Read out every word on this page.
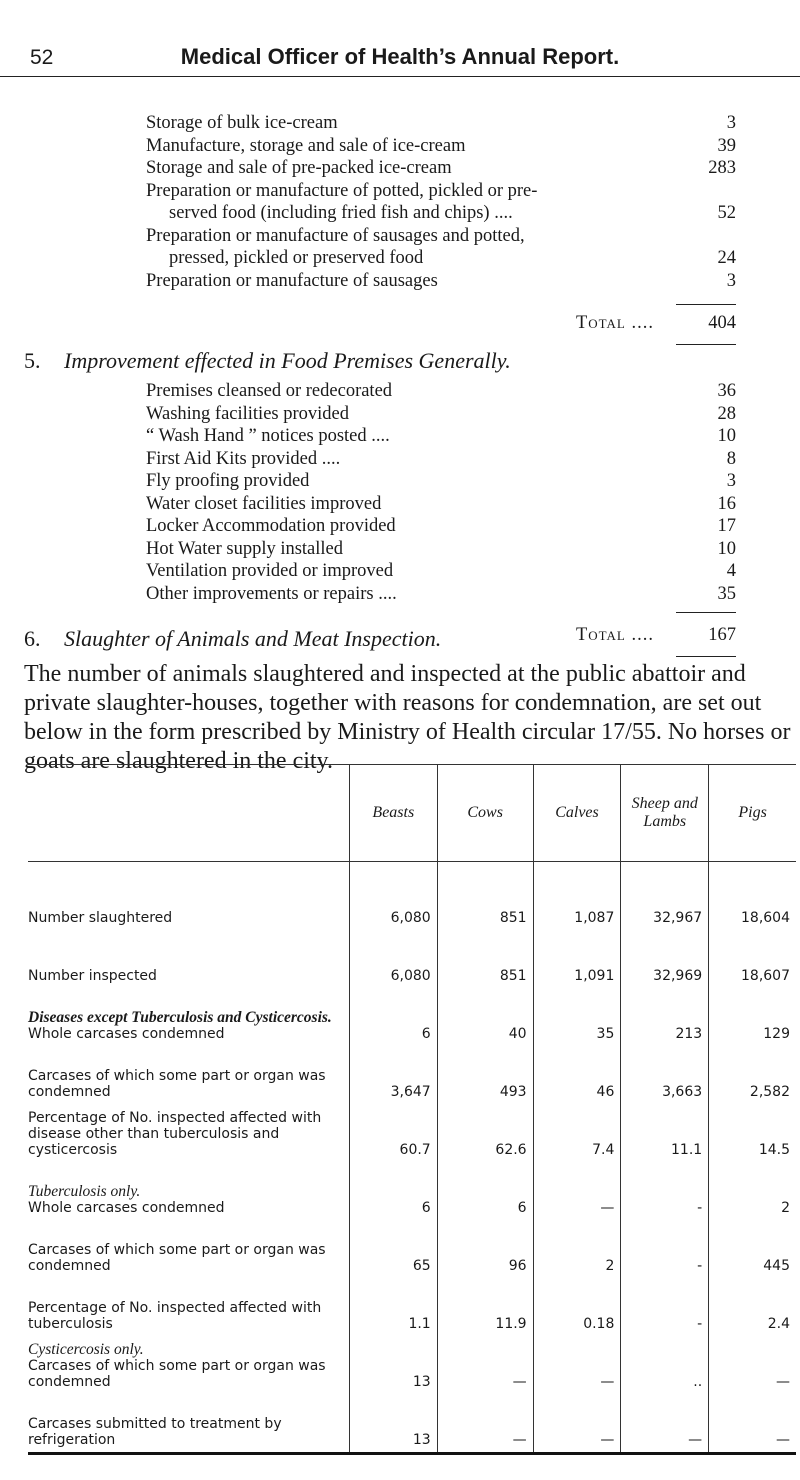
52	Medical Officer of Health’s Annual Report.
Storage of bulk ice-cream	3
Manufacture, storage and sale of ice-cream	39
Storage and sale of pre-packed ice-cream	283
Preparation or manufacture of potted, pickled or pre-
served food (including fried fish and chips) ....	52
Preparation or manufacture of sausages and potted,
pressed, pickled or preserved food	24
Preparation or manufacture of sausages	3
Total ....	404
5. Improvement effected in Food Premises Generally.
Premises cleansed or redecorated	36
Washing facilities provided	28
“ Wash Hand ” notices posted ....	10
First Aid Kits provided ....	8
Fly proofing provided	3
Water closet facilities improved	16
Locker Accommodation provided	17
Hot Water supply installed	10
Ventilation provided or improved	4
Other improvements or repairs ....	35
Total ....	167
6. Slaughter of Animals and Meat Inspection.
The number of animals slaughtered and inspected at the public abattoir and private slaughter-houses, together with reasons for condemnation, are set out below in the form prescribed by Ministry of Health circular 17/55. No horses or goats are slaughtered in the city.
	Beasts	Cows	Calves	Sheep and Lambs	Pigs

Number slaughtered	6,080	851	1,087	32,967	18,604

Number inspected	6,080	851	1,091	32,969	18,607

Diseases except Tuberculosis and Cysticercosis.
Whole carcases condemned	6	40	35	213	129

Carcases of which some part or organ was condemned	3,647	493	46	3,663	2,582

Percentage of No. inspected affected with disease other than tuberculosis and cysticercosis	60.7	62.6	7.4	11.1	14.5

Tuberculosis only.
Whole carcases condemned	6	6	—	-	2

Carcases of which some part or organ was condemned	65	96	2	-	445

Percentage of No. inspected affected with tuberculosis	1.1	11.9	0.18	-	2.4

Cysticercosis only.
Carcases of which some part or organ was condemned	13	—	—	..	—

Carcases submitted to treatment by refrigeration	13	—	—	—	—
